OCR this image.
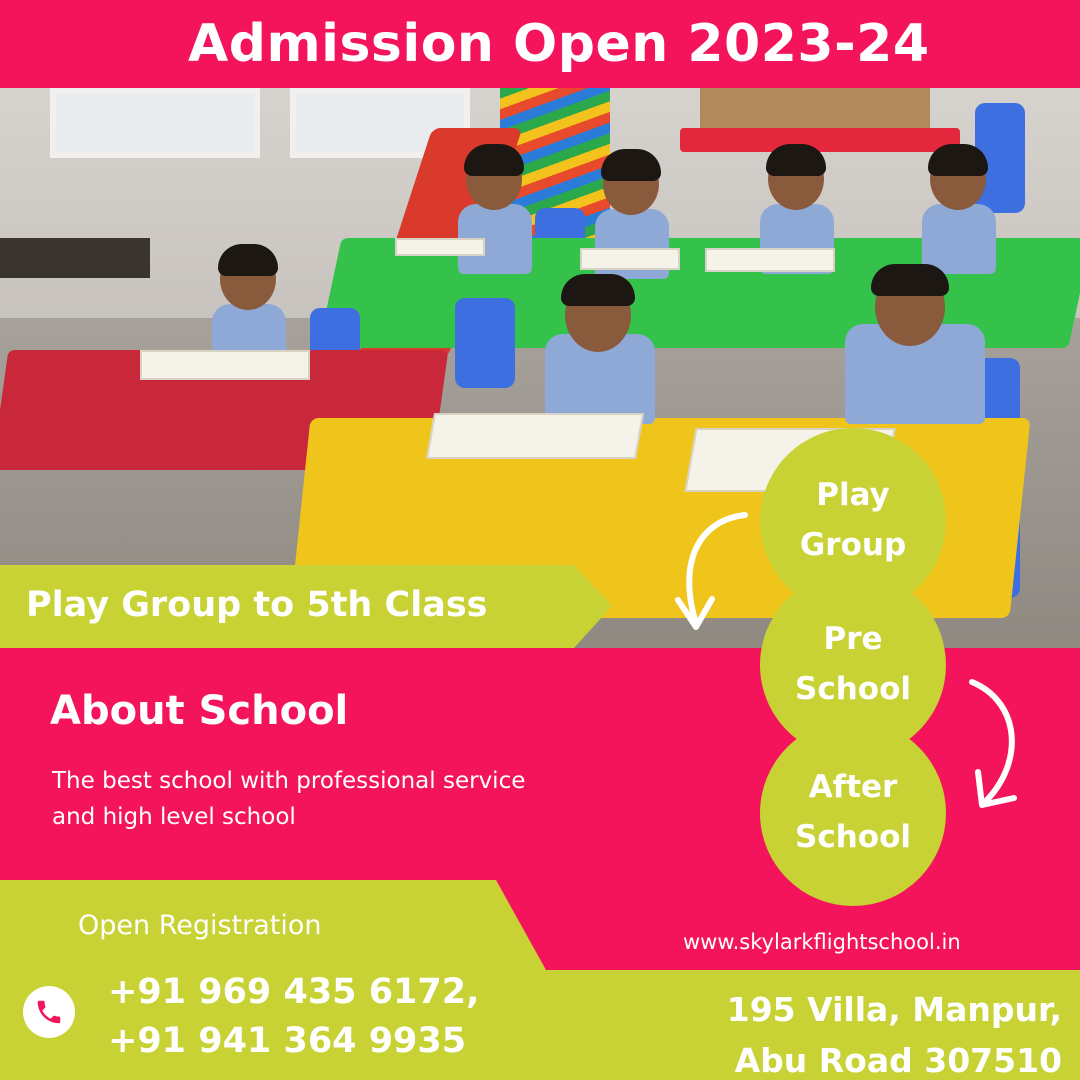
Admission Open 2023-24
Play Group to 5th Class
About School
The best school with professional service and high level school
Play
Group
Pre
School
After
School
Open Registration
+91 969 435 6172,
+91 941 364 9935
www.skylarkflightschool.in
195 Villa, Manpur,
Abu Road 307510
